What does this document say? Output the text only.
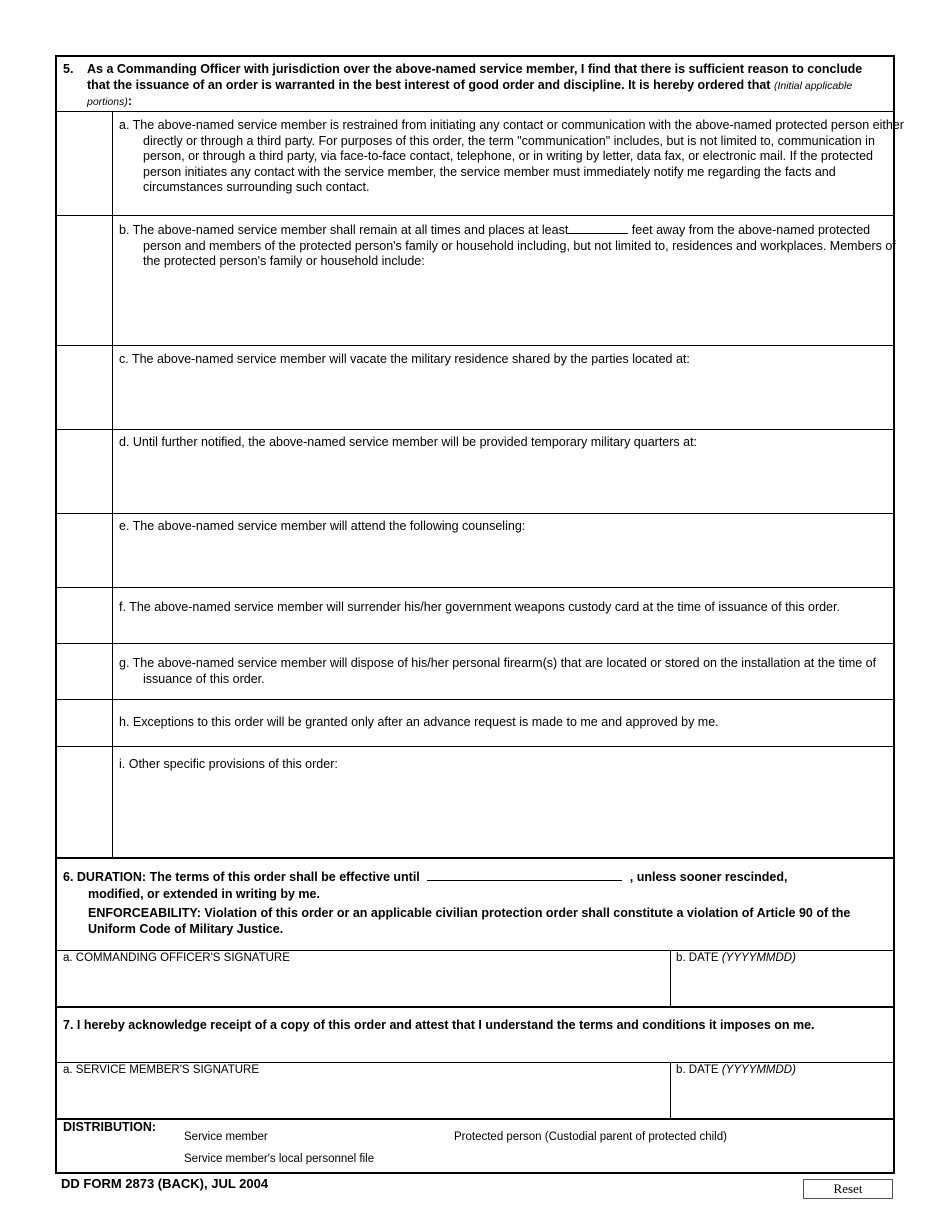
5. As a Commanding Officer with jurisdiction over the above-named service member, I find that there is sufficient reason to conclude that the issuance of an order is warranted in the best interest of good order and discipline. It is hereby ordered that (Initial applicable portions):
a. The above-named service member is restrained from initiating any contact or communication with the above-named protected person either directly or through a third party. For purposes of this order, the term "communication" includes, but is not limited to, communication in person, or through a third party, via face-to-face contact, telephone, or in writing by letter, data fax, or electronic mail. If the protected person initiates any contact with the service member, the service member must immediately notify me regarding the facts and circumstances surrounding such contact.
b. The above-named service member shall remain at all times and places at least	feet away from the above-named protected person and members of the protected person's family or household including, but not limited to, residences and workplaces. Members of the protected person's family or household include:
c. The above-named service member will vacate the military residence shared by the parties located at:
d. Until further notified, the above-named service member will be provided temporary military quarters at:
e. The above-named service member will attend the following counseling:
f. The above-named service member will surrender his/her government weapons custody card at the time of issuance of this order.
g. The above-named service member will dispose of his/her personal firearm(s) that are located or stored on the installation at the time of issuance of this order.
h. Exceptions to this order will be granted only after an advance request is made to me and approved by me.
i. Other specific provisions of this order:
6. DURATION: The terms of this order shall be effective until	, unless sooner rescinded,
modified, or extended in writing by me.
ENFORCEABILITY: Violation of this order or an applicable civilian protection order shall constitute a violation of Article 90 of the Uniform Code of Military Justice.
a. COMMANDING OFFICER'S SIGNATURE	b. DATE (YYYYMMDD)
7. I hereby acknowledge receipt of a copy of this order and attest that I understand the terms and conditions it imposes on me.
a. SERVICE MEMBER'S SIGNATURE	b. DATE (YYYYMMDD)
DISTRIBUTION:
Service member	Protected person (Custodial parent of protected child)
Service member's local personnel file
DD FORM 2873 (BACK), JUL 2004	Reset
